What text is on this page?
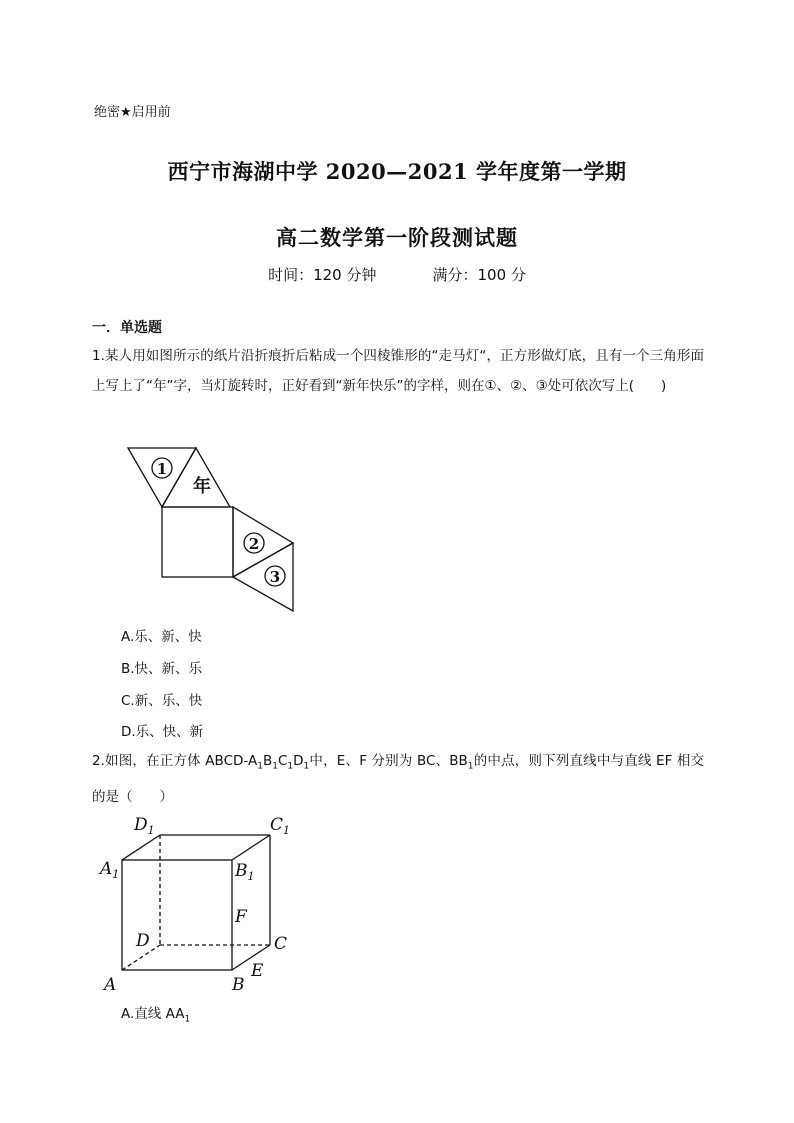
绝密★启用前
西宁市海湖中学 2020—2021 学年度第一学期
高二数学第一阶段测试题
时间：120 分钟	满分：100 分
一．单选题
1.某人用如图所示的纸片沿折痕折后粘成一个四棱锥形的“走马灯“，正方形做灯底，且有一个三角形面上写上了“年”字，当灯旋转时，正好看到“新年快乐”的字样，则在①、②、③处可依次写上(　　)
1
年
2
3
A.乐、新、快
B.快、新、乐
C.新、乐、快
D.乐、快、新
2.如图，在正方体 ABCD-$A_1B_1C_1D_1$中，E、F 分别为 BC、$BB_1$的中点，则下列直线中与直线 EF 相交的是（　　）
$D_1$	$C_1$
$A_1$	$B_1$
F
D	C
A	B
E
A.直线 $AA_1$
